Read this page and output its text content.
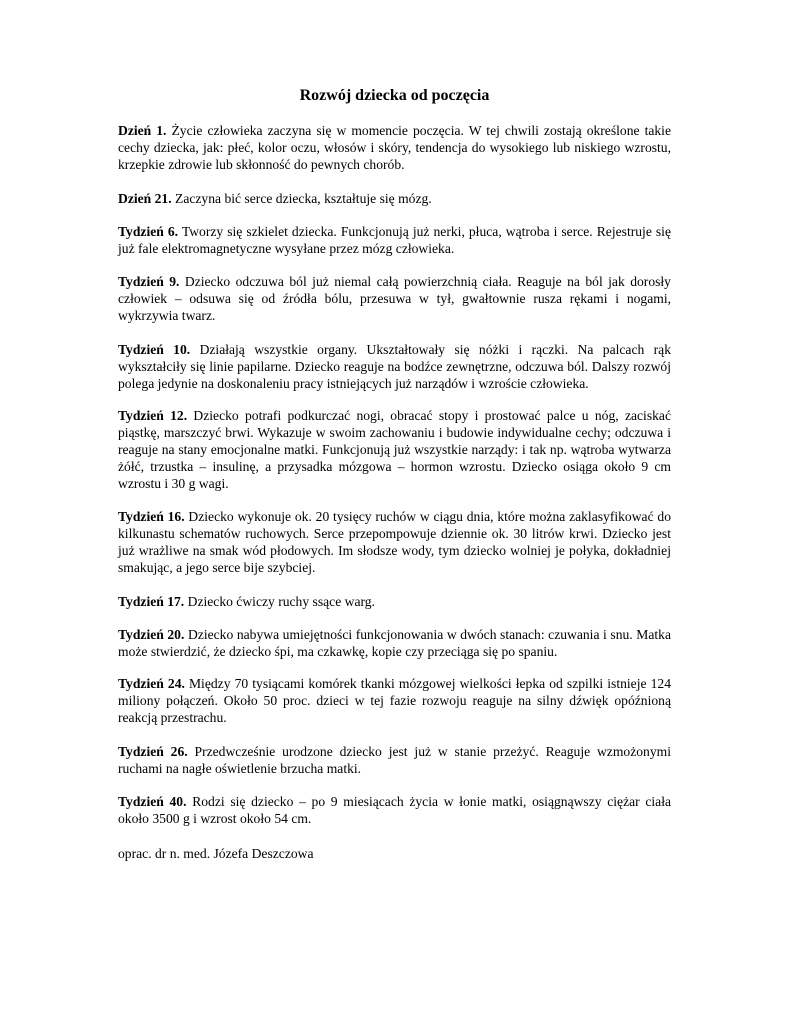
Rozwój dziecka od poczęcia

Dzień 1. Życie człowieka zaczyna się w momencie poczęcia. W tej chwili zostają określone takie cechy dziecka, jak: płeć, kolor oczu, włosów i skóry, tendencja do wysokiego lub niskiego wzrostu, krzepkie zdrowie lub skłonność do pewnych chorób.

Dzień 21. Zaczyna bić serce dziecka, kształtuje się mózg.

Tydzień 6. Tworzy się szkielet dziecka. Funkcjonują już nerki, płuca, wątroba i serce. Rejestruje się już fale elektromagnetyczne wysyłane przez mózg człowieka.

Tydzień 9. Dziecko odczuwa ból już niemal całą powierzchnią ciała. Reaguje na ból jak dorosły człowiek – odsuwa się od źródła bólu, przesuwa w tył, gwałtownie rusza rękami i nogami, wykrzywia twarz.

Tydzień 10. Działają wszystkie organy. Ukształtowały się nóżki i rączki. Na palcach rąk wykształciły się linie papilarne. Dziecko reaguje na bodźce zewnętrzne, odczuwa ból. Dalszy rozwój polega jedynie na doskonaleniu pracy istniejących już narządów i wzroście człowieka.

Tydzień 12. Dziecko potrafi podkurczać nogi, obracać stopy i prostować palce u nóg, zaciskać piąstkę, marszczyć brwi. Wykazuje w swoim zachowaniu i budowie indywidualne cechy; odczuwa i reaguje na stany emocjonalne matki. Funkcjonują już wszystkie narządy: i tak np. wątroba wytwarza żółć, trzustka – insulinę, a przysadka mózgowa – hormon wzrostu. Dziecko osiąga około 9 cm wzrostu i 30 g wagi.

Tydzień 16. Dziecko wykonuje ok. 20 tysięcy ruchów w ciągu dnia, które można zaklasyfikować do kilkunastu schematów ruchowych. Serce przepompowuje dziennie ok. 30 litrów krwi. Dziecko jest już wrażliwe na smak wód płodowych. Im słodsze wody, tym dziecko wolniej je połyka, dokładniej smakując, a jego serce bije szybciej.

Tydzień 17. Dziecko ćwiczy ruchy ssące warg.

Tydzień 20. Dziecko nabywa umiejętności funkcjonowania w dwóch stanach: czuwania i snu. Matka może stwierdzić, że dziecko śpi, ma czkawkę, kopie czy przeciąga się po spaniu.

Tydzień 24. Między 70 tysiącami komórek tkanki mózgowej wielkości łepka od szpilki istnieje 124 miliony połączeń. Około 50 proc. dzieci w tej fazie rozwoju reaguje na silny dźwięk opóźnioną reakcją przestrachu.

Tydzień 26. Przedwcześnie urodzone dziecko jest już w stanie przeżyć. Reaguje wzmożonymi ruchami na nagłe oświetlenie brzucha matki.

Tydzień 40. Rodzi się dziecko – po 9 miesiącach życia w łonie matki, osiągnąwszy ciężar ciała około 3500 g i wzrost około 54 cm.

oprac. dr n. med. Józefa Deszczowa
